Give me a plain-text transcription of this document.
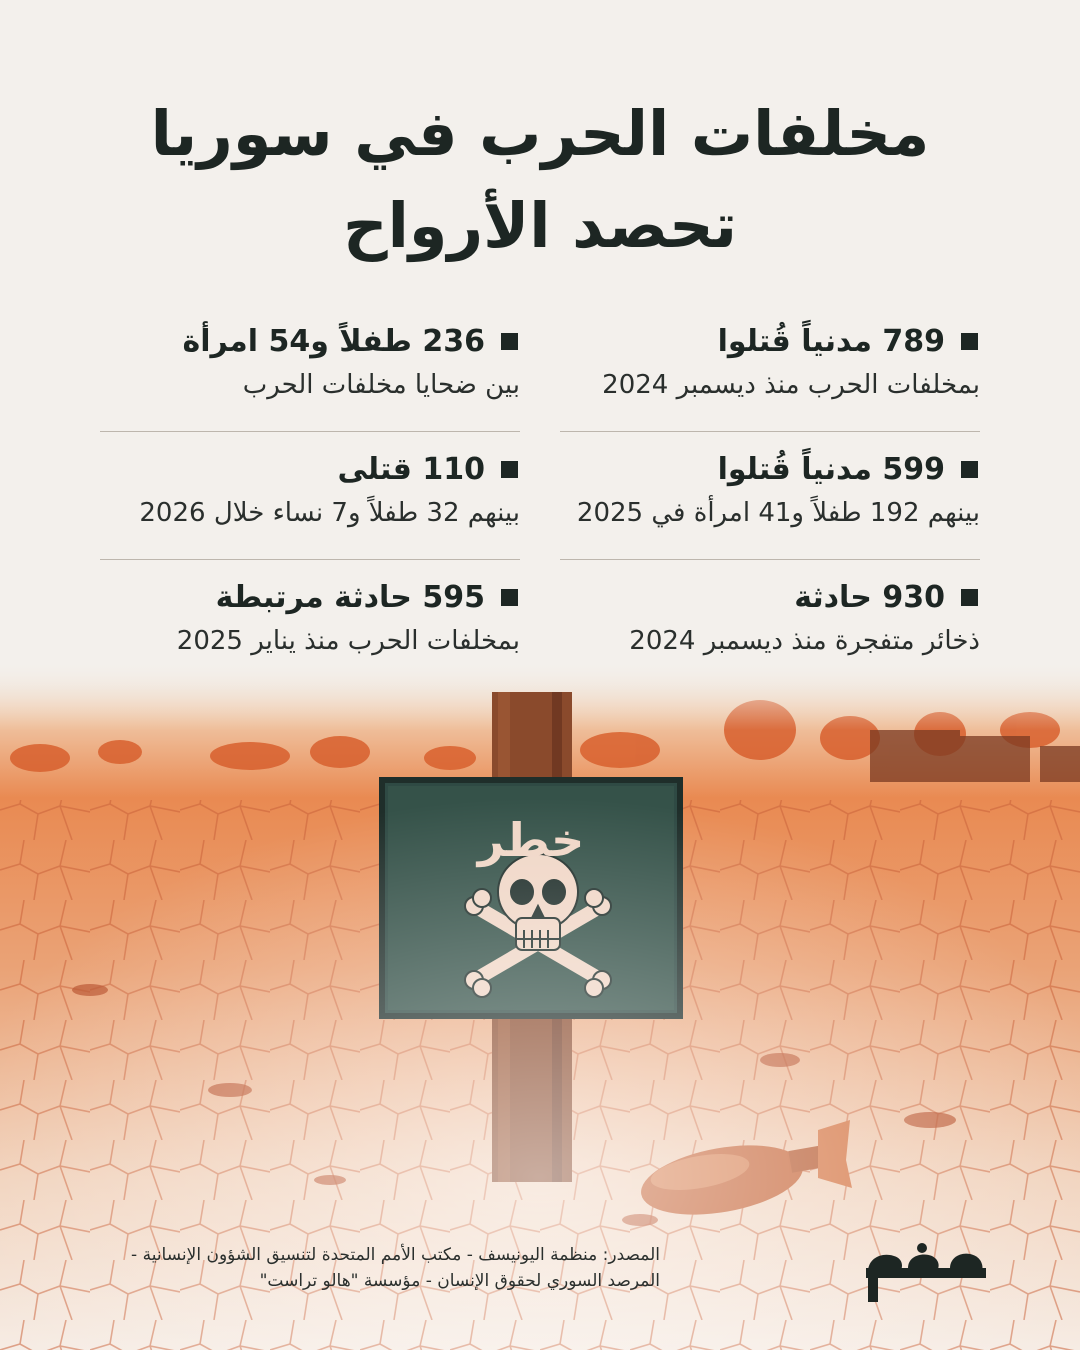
مخلفات الحرب في سوريا
تحصد الأرواح
789 مدنياً قُتلوا
بمخلفات الحرب منذ ديسمبر 2024
599 مدنياً قُتلوا
بينهم 192 طفلاً و41 امرأة في 2025
930 حادثة
ذخائر متفجرة منذ ديسمبر 2024
236 طفلاً و54 امرأة
بين ضحايا مخلفات الحرب
110 قتلى
بينهم 32 طفلاً و7 نساء خلال 2026
595 حادثة مرتبطة
بمخلفات الحرب منذ يناير 2025
المصدر: منظمة اليونيسف - مكتب الأمم المتحدة لتنسيق الشؤون الإنسانية -
المرصد السوري لحقوق الإنسان - مؤسسة "هالو تراست"
